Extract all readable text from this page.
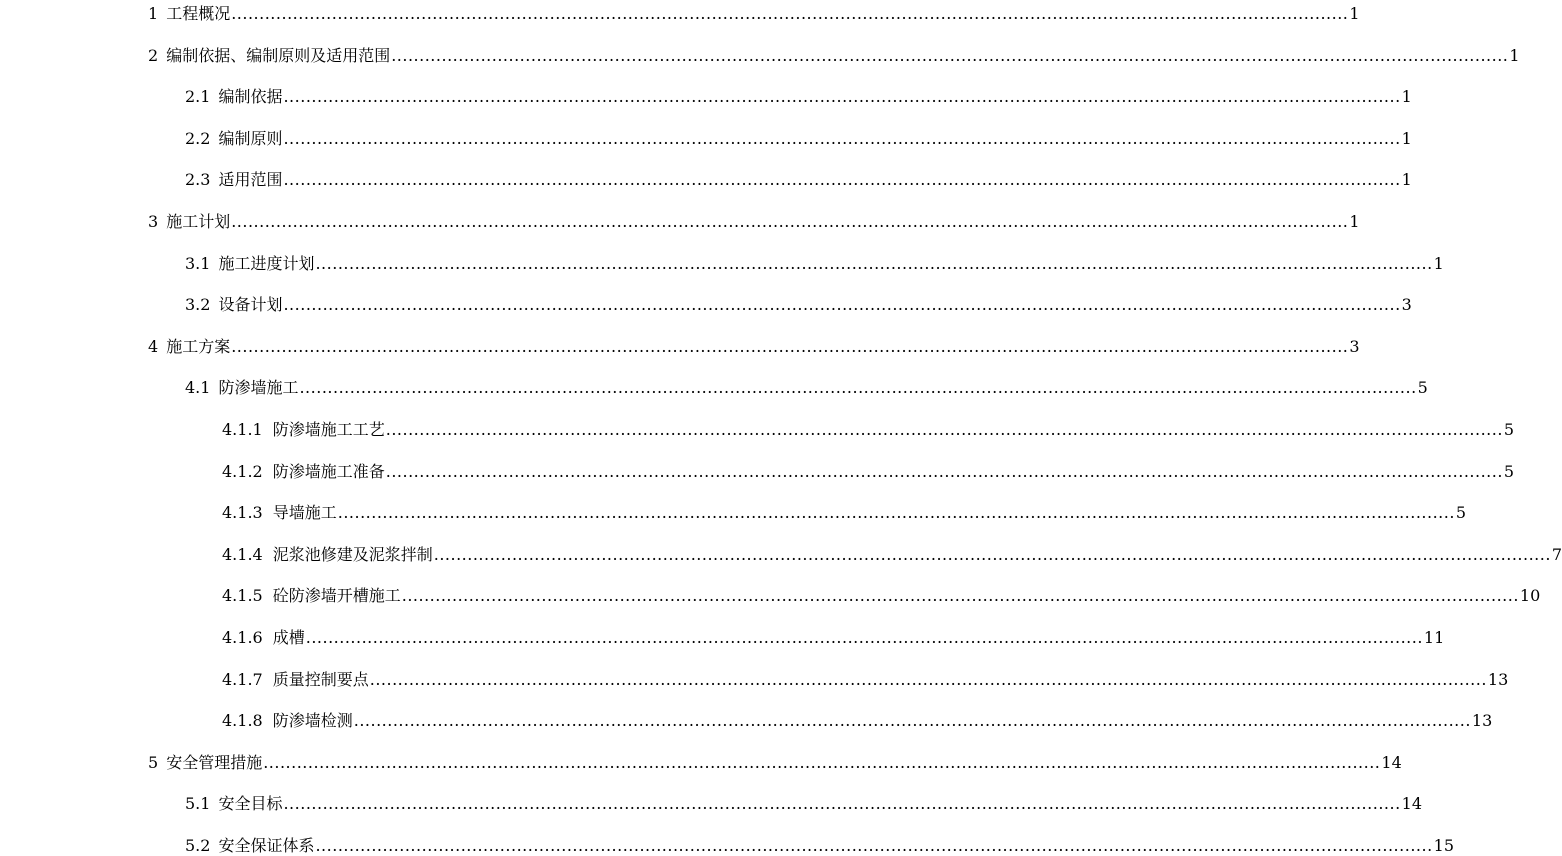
1 工程概况 ........................................................................................................................................................................................................ 1
2 编制依据、编制原则及适用范围 ........................................................................................................................................................................................................ 1
2.1 编制依据 ........................................................................................................................................................................................................ 1
2.2 编制原则 ........................................................................................................................................................................................................ 1
2.3 适用范围 ........................................................................................................................................................................................................ 1
3 施工计划 ........................................................................................................................................................................................................ 1
3.1 施工进度计划 ........................................................................................................................................................................................................ 1
3.2 设备计划 ........................................................................................................................................................................................................ 3
4 施工方案 ........................................................................................................................................................................................................ 3
4.1 防渗墙施工 ........................................................................................................................................................................................................ 5
4.1.1 防渗墙施工工艺 ........................................................................................................................................................................................................ 5
4.1.2 防渗墙施工准备 ........................................................................................................................................................................................................ 5
4.1.3 导墙施工 ........................................................................................................................................................................................................ 5
4.1.4 泥浆池修建及泥浆拌制 ........................................................................................................................................................................................................ 7
4.1.5 砼防渗墙开槽施工 ........................................................................................................................................................................................................ 10
4.1.6 成槽 ........................................................................................................................................................................................................ 11
4.1.7 质量控制要点 ........................................................................................................................................................................................................ 13
4.1.8 防渗墙检测 ........................................................................................................................................................................................................ 13
5 安全管理措施 ........................................................................................................................................................................................................ 14
5.1 安全目标 ........................................................................................................................................................................................................ 14
5.2 安全保证体系 ........................................................................................................................................................................................................ 15
